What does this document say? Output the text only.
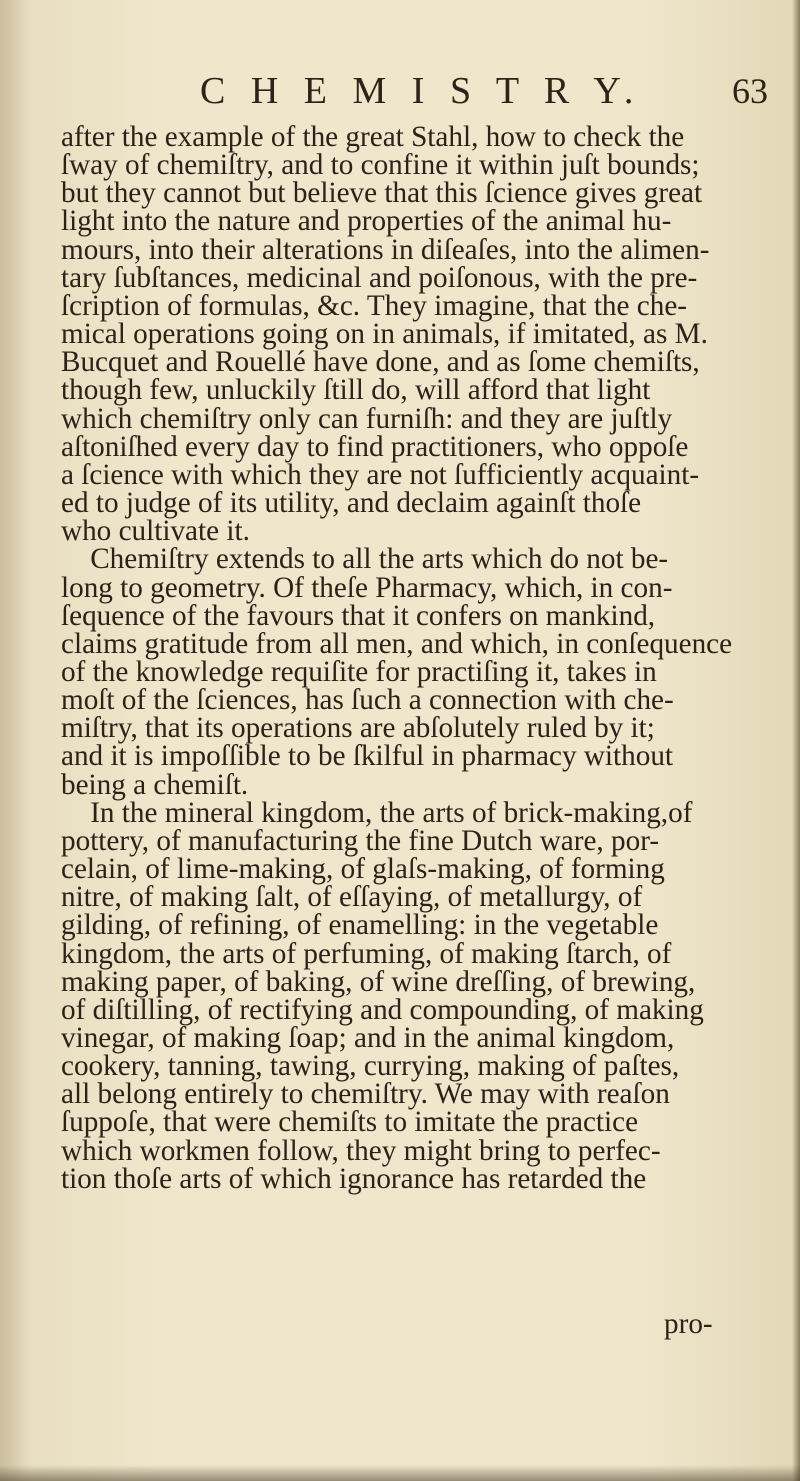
C H E M I S T R Y.	63
after the example of the great Stahl, how to check the
ſway of chemiſtry, and to confine it within juſt bounds;
but they cannot but believe that this ſcience gives great
light into the nature and properties of the animal hu-
mours, into their alterations in diſeaſes, into the alimen-
tary ſubſtances, medicinal and poiſonous, with the pre-
ſcription of formulas, &c. They imagine, that the che-
mical operations going on in animals, if imitated, as M.
Bucquet and Rouellé have done, and as ſome chemiſts,
though few, unluckily ſtill do, will afford that light
which chemiſtry only can furniſh: and they are juſtly
aſtoniſhed every day to find practitioners, who oppoſe
a ſcience with which they are not ſufficiently acquaint-
ed to judge of its utility, and declaim againſt thoſe
who cultivate it.
Chemiſtry extends to all the arts which do not be-
long to geometry. Of theſe Pharmacy, which, in con-
ſequence of the favours that it confers on mankind,
claims gratitude from all men, and which, in conſequence
of the knowledge requiſite for practiſing it, takes in
moſt of the ſciences, has ſuch a connection with che-
miſtry, that its operations are abſolutely ruled by it;
and it is impoſſible to be ſkilful in pharmacy without
being a chemiſt.
In the mineral kingdom, the arts of brick-making,of
pottery, of manufacturing the fine Dutch ware, por-
celain, of lime-making, of glaſs-making, of forming
nitre, of making ſalt, of eſſaying, of metallurgy, of
gilding, of refining, of enamelling: in the vegetable
kingdom, the arts of perfuming, of making ſtarch, of
making paper, of baking, of wine dreſſing, of brewing,
of diſtilling, of rectifying and compounding, of making
vinegar, of making ſoap; and in the animal kingdom,
cookery, tanning, tawing, currying, making of paſtes,
all belong entirely to chemiſtry. We may with reaſon
ſuppoſe, that were chemiſts to imitate the practice
which workmen follow, they might bring to perfec-
tion thoſe arts of which ignorance has retarded the
pro-
